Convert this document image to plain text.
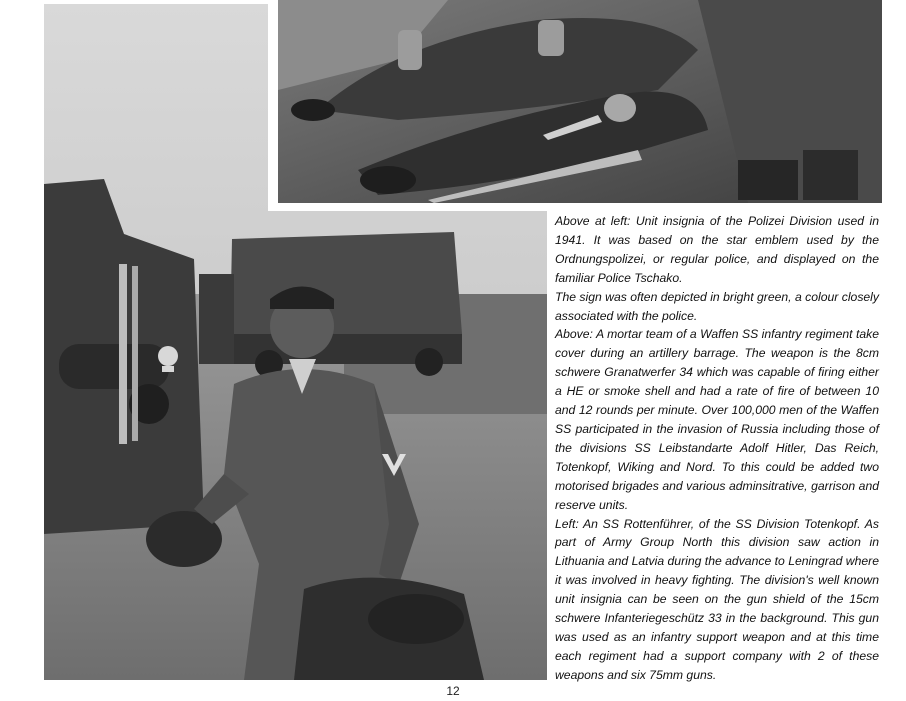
Above at left: Unit insignia of the Polizei Division used in 1941. It was based on the star emblem used by the Ordnungspolizei, or regular police, and displayed on the familiar Police Tschako.

The sign was often depicted in bright green, a colour closely associated with the police.

Above: A mortar team of a Waffen SS infantry regiment take cover during an artillery barrage. The weapon is the 8cm schwere Granatwerfer 34 which was capable of firing either a HE or smoke shell and had a rate of fire of between 10 and 12 rounds per minute. Over 100,000 men of the Waffen SS participated in the invasion of Russia including those of the divisions SS Leibstandarte Adolf Hitler, Das Reich, Totenkopf, Wiking and Nord. To this could be added two motorised brigades and various adminsitrative, garrison and reserve units.

Left: An SS Rottenführer, of the SS Division Totenkopf. As part of Army Group North this division saw action in Lithuania and Latvia during the advance to Leningrad where it was involved in heavy fighting. The division's well known unit insignia can be seen on the gun shield of the 15cm schwere Infanteriegeschütz 33 in the background. This gun was used as an infantry support weapon and at this time each regiment had a support company with 2 of these weapons and six 75mm guns.

12
